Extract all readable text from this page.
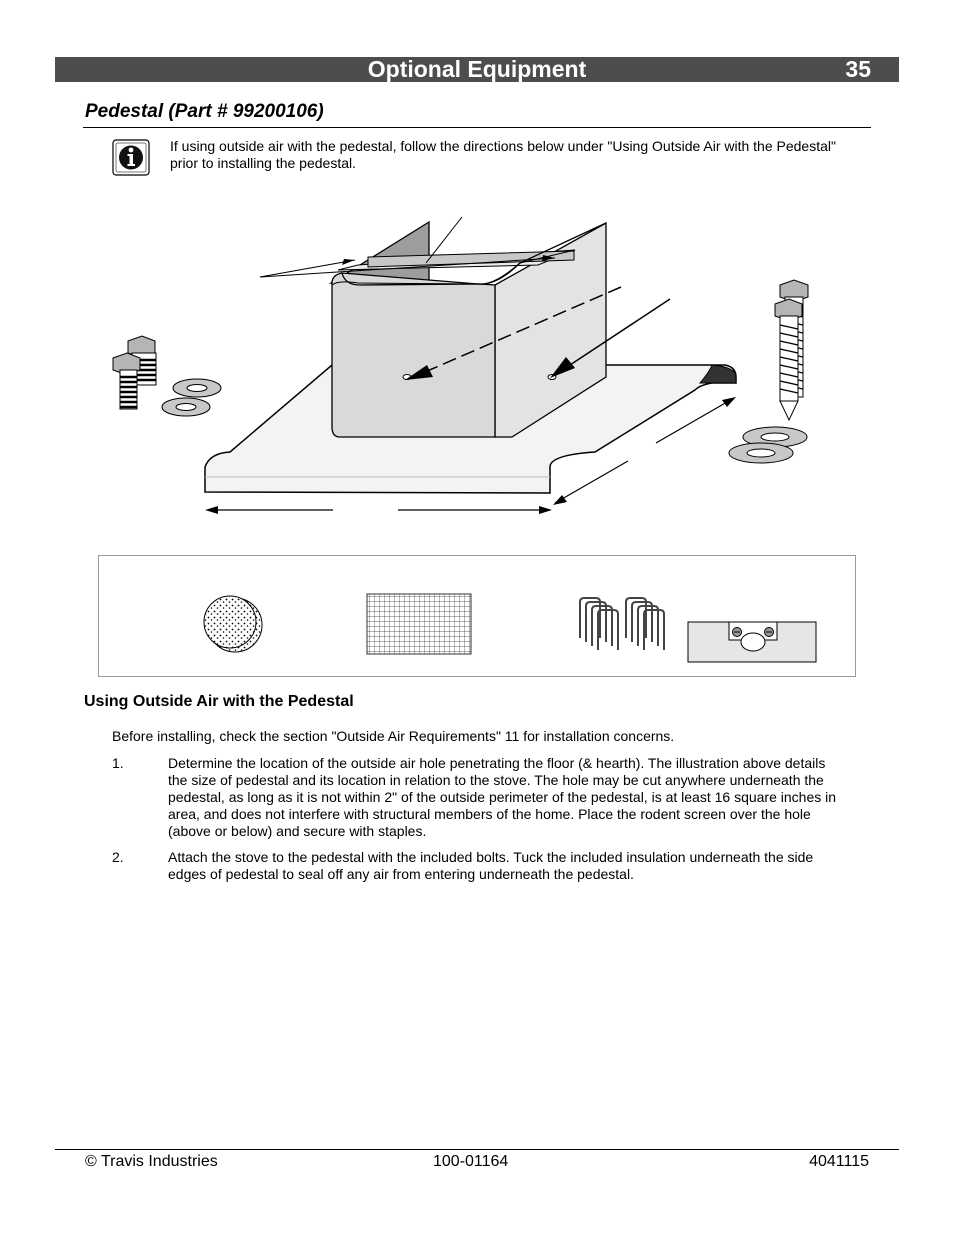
Optional Equipment	35
Pedestal (Part # 99200106)
If using outside air with the pedestal, follow the directions below under "Using Outside Air with the Pedestal" prior to installing the pedestal.
Using Outside Air with the Pedestal
Before installing, check the section "Outside Air Requirements" 11 for installation concerns.
1.	Determine the location of the outside air hole penetrating the floor (& hearth). The illustration above details the size of pedestal and its location in relation to the stove. The hole may be cut anywhere underneath the pedestal, as long as it is not within 2" of the outside perimeter of the pedestal, is at least 16 square inches in area, and does not interfere with structural members of the home. Place the rodent screen over the hole (above or below) and secure with staples.
2.	Attach the stove to the pedestal with the included bolts. Tuck the included insulation underneath the side edges of pedestal to seal off any air from entering underneath the pedestal.
© Travis Industries	100-01164	4041115
